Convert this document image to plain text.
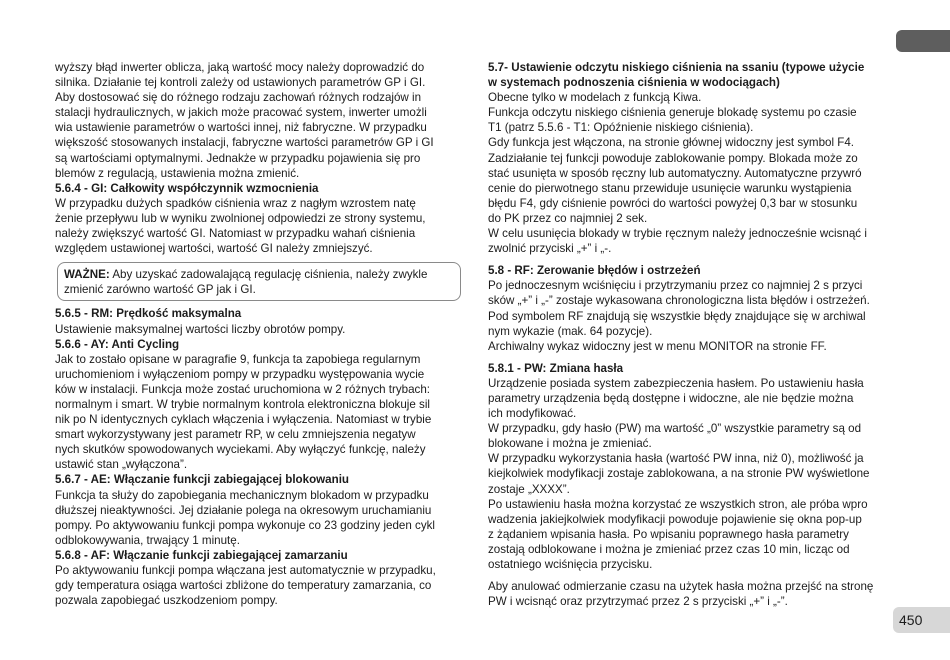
wyższy błąd inwerter oblicza, jaką wartość mocy należy doprowadzić do
silnika. Działanie tej kontroli zależy od ustawionych parametrów GP i GI.
Aby dostosować się do różnego rodzaju zachowań różnych rodzajów in
stalacji hydraulicznych, w jakich może pracować system, inwerter umożli
wia ustawienie parametrów o wartości innej, niż fabryczne. W przypadku
większość stosowanych instalacji, fabryczne wartości parametrów GP i GI
są wartościami optymalnymi. Jednakże w przypadku pojawienia się pro
blemów z regulacją, ustawienia można zmienić.

5.6.4 - GI: Całkowity współczynnik wzmocnienia

W przypadku dużych spadków ciśnienia wraz z nagłym wzrostem natę
żenie przepływu lub w wyniku zwolnionej odpowiedzi ze strony systemu,
należy zwiększyć wartość GI. Natomiast w przypadku wahań ciśnienia
względem ustawionej wartości, wartość GI należy zmniejszyć.

WAŻNE: Aby uzyskać zadowalającą regulację ciśnienia, należy zwykle
zmienić zarówno wartość GP jak i GI.

5.6.5 - RM: Prędkość maksymalna

Ustawienie maksymalnej wartości liczby obrotów pompy.

5.6.6 - AY: Anti Cycling

Jak to zostało opisane w paragrafie 9, funkcja ta zapobiega regularnym
uruchomieniom i wyłączeniom pompy w przypadku występowania wycie
ków w instalacji. Funkcja może zostać uruchomiona w 2 różnych trybach:
normalnym i smart. W trybie normalnym kontrola elektroniczna blokuje sil
nik po N identycznych cyklach włączenia i wyłączenia. Natomiast w trybie
smart wykorzystywany jest parametr RP, w celu zmniejszenia negatyw
nych skutków spowodowanych wyciekami. Aby wyłączyć funkcję, należy
ustawić stan „wyłączona”.

5.6.7 - AE: Włączanie funkcji zabiegającej blokowaniu

Funkcja ta służy do zapobiegania mechanicznym blokadom w przypadku
dłuższej nieaktywności. Jej działanie polega na okresowym uruchamianiu
pompy. Po aktywowaniu funkcji pompa wykonuje co 23 godziny jeden cykl
odblokowywania, trwający 1 minutę.

5.6.8 - AF: Włączanie funkcji zabiegającej zamarzaniu

Po aktywowaniu funkcji pompa włączana jest automatycznie w przypadku,
gdy temperatura osiąga wartości zbliżone do temperatury zamarzania, co
pozwala zapobiegać uszkodzeniom pompy.

5.7- Ustawienie odczytu niskiego ciśnienia na ssaniu (typowe użycie
w systemach podnoszenia ciśnienia w wodociągach)

Obecne tylko w modelach z funkcją Kiwa.
Funkcja odczytu niskiego ciśnienia generuje blokadę systemu po czasie
T1 (patrz 5.5.6 - T1: Opóźnienie niskiego ciśnienia).
Gdy funkcja jest włączona, na stronie głównej widoczny jest symbol F4.
Zadziałanie tej funkcji powoduje zablokowanie pompy. Blokada może zo
stać usunięta w sposób ręczny lub automatyczny. Automatyczne przywró
cenie do pierwotnego stanu przewiduje usunięcie warunku wystąpienia
błędu F4, gdy ciśnienie powróci do wartości powyżej 0,3 bar w stosunku
do PK przez co najmniej 2 sek.
W celu usunięcia blokady w trybie ręcznym należy jednocześnie wcisnąć i
zwolnić przyciski „+” i „-.

5.8 - RF: Zerowanie błędów i ostrzeżeń

Po jednoczesnym wciśnięciu i przytrzymaniu przez co najmniej 2 s przyci
sków „+” i „-” zostaje wykasowana chronologiczna lista błędów i ostrzeżeń.
Pod symbolem RF znajdują się wszystkie błędy znajdujące się w archiwal
nym wykazie (mak. 64 pozycje).
Archiwalny wykaz widoczny jest w menu MONITOR na stronie FF.

5.8.1 - PW: Zmiana hasła

Urządzenie posiada system zabezpieczenia hasłem. Po ustawieniu hasła
parametry urządzenia będą dostępne i widoczne, ale nie będzie można
ich modyfikować.
W przypadku, gdy hasło (PW) ma wartość „0” wszystkie parametry są od
blokowane i można je zmieniać.
W przypadku wykorzystania hasła (wartość PW inna, niż 0), możliwość ja
kiejkolwiek modyfikacji zostaje zablokowana, a na stronie PW wyświetlone
zostaje „XXXX”.
Po ustawieniu hasła można korzystać ze wszystkich stron, ale próba wpro
wadzenia jakiejkolwiek modyfikacji powoduje pojawienie się okna pop-up
z żądaniem wpisania hasła. Po wpisaniu poprawnego hasła parametry
zostają odblokowane i można je zmieniać przez czas 10 min, licząc od
ostatniego wciśnięcia przycisku.

Aby anulować odmierzanie czasu na użytek hasła można przejść na stronę
PW i wcisnąć oraz przytrzymać przez 2 s przyciski „+” i „-”.

450
